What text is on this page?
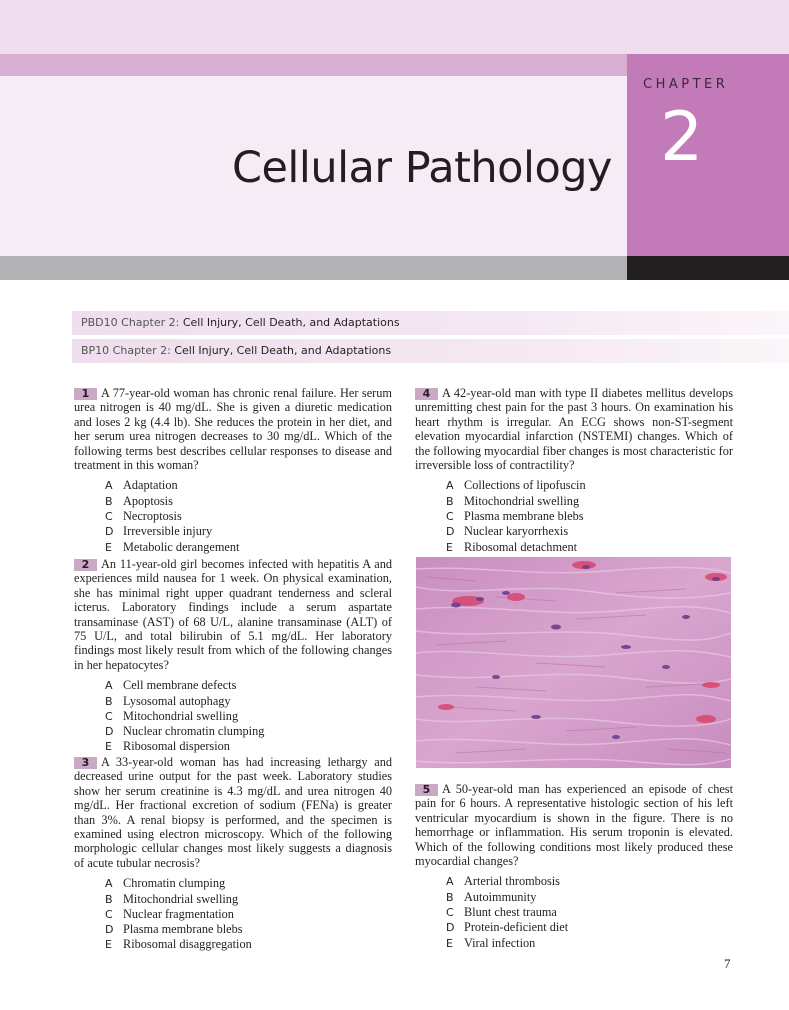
CHAPTER
2
Cellular Pathology
PBD10 Chapter 2: Cell Injury, Cell Death, and Adaptations
BP10 Chapter 2: Cell Injury, Cell Death, and Adaptations
1 A 77-year-old woman has chronic renal failure. Her serum urea nitrogen is 40 mg/dL. She is given a diuretic medication and loses 2 kg (4.4 lb). She reduces the protein in her diet, and her serum urea nitrogen decreases to 30 mg/dL. Which of the following terms best describes cellular responses to disease and treatment in this woman?
A Adaptation
B Apoptosis
C Necroptosis
D Irreversible injury
E Metabolic derangement
2 An 11-year-old girl becomes infected with hepatitis A and experiences mild nausea for 1 week. On physical examination, she has minimal right upper quadrant tenderness and scleral icterus. Laboratory findings include a serum aspartate transaminase (AST) of 68 U/L, alanine transaminase (ALT) of 75 U/L, and total bilirubin of 5.1 mg/dL. Her laboratory findings most likely result from which of the following changes in her hepatocytes?
A Cell membrane defects
B Lysosomal autophagy
C Mitochondrial swelling
D Nuclear chromatin clumping
E Ribosomal dispersion
3 A 33-year-old woman has had increasing lethargy and decreased urine output for the past week. Laboratory studies show her serum creatinine is 4.3 mg/dL and urea nitrogen 40 mg/dL. Her fractional excretion of sodium (FENa) is greater than 3%. A renal biopsy is performed, and the specimen is examined using electron microscopy. Which of the following morphologic cellular changes most likely suggests a diagnosis of acute tubular necrosis?
A Chromatin clumping
B Mitochondrial swelling
C Nuclear fragmentation
D Plasma membrane blebs
E Ribosomal disaggregation
4 A 42-year-old man with type II diabetes mellitus develops unremitting chest pain for the past 3 hours. On examination his heart rhythm is irregular. An ECG shows non-ST-segment elevation myocardial infarction (NSTEMI) changes. Which of the following myocardial fiber changes is most characteristic for irreversible loss of contractility?
A Collections of lipofuscin
B Mitochondrial swelling
C Plasma membrane blebs
D Nuclear karyorrhexis
E Ribosomal detachment
5 A 50-year-old man has experienced an episode of chest pain for 6 hours. A representative histologic section of his left ventricular myocardium is shown in the figure. There is no hemorrhage or inflammation. His serum troponin is elevated. Which of the following conditions most likely produced these myocardial changes?
A Arterial thrombosis
B Autoimmunity
C Blunt chest trauma
D Protein-deficient diet
E Viral infection
7
